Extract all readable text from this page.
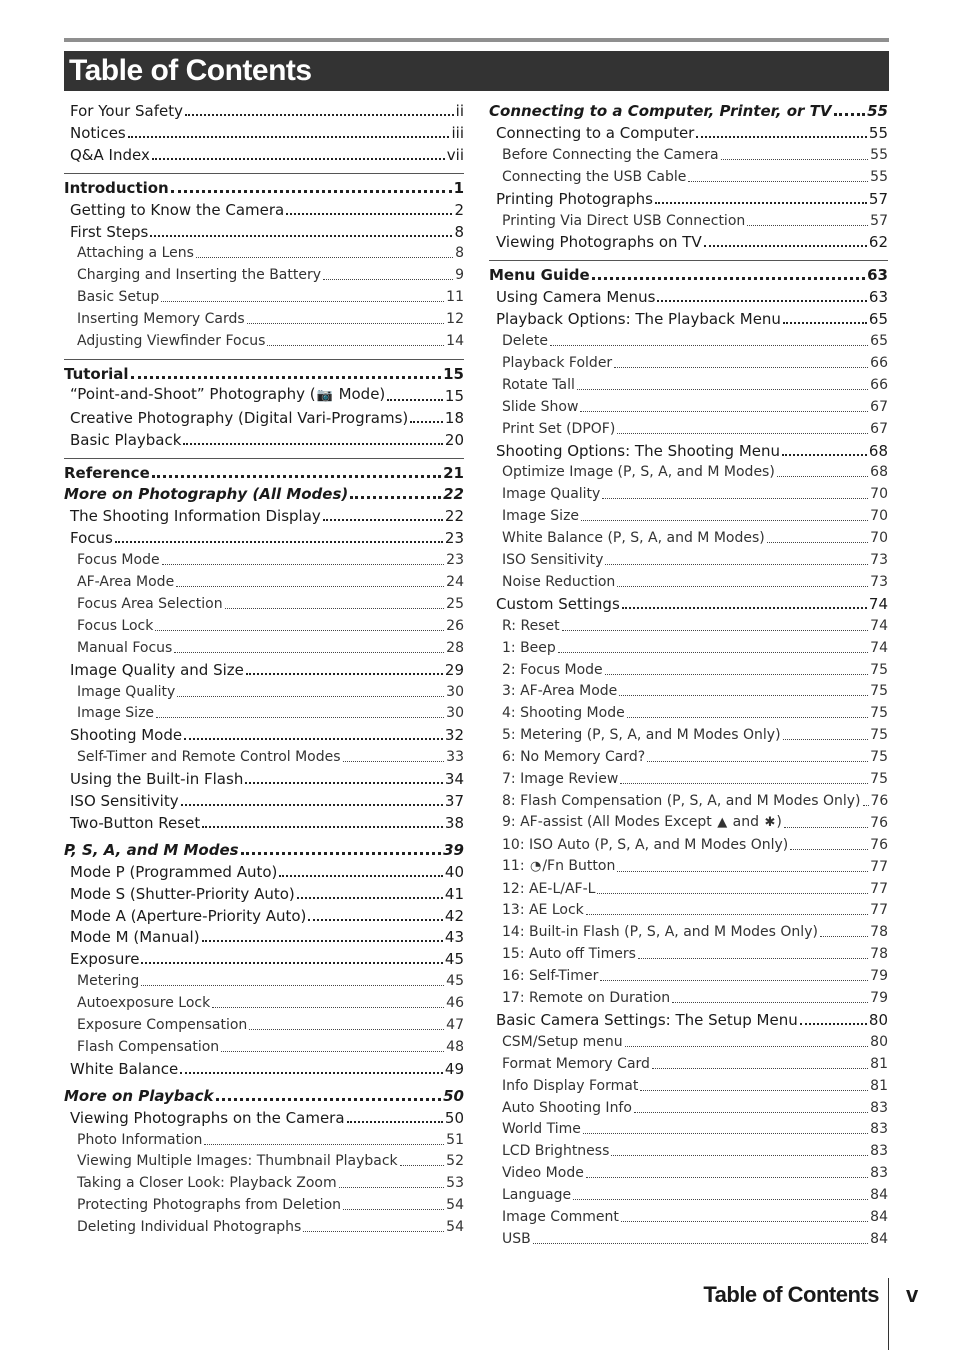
Table of Contents
For Your Safety	ii
Notices	iii
Q&A Index	vii
Introduction	1
Getting to Know the Camera	2
First Steps	8
Attaching a Lens	8
Charging and Inserting the Battery	9
Basic Setup	11
Inserting Memory Cards	12
Adjusting Viewfinder Focus	14
Tutorial	15
“Point-and-Shoot” Photography (📷 Mode)	15
Creative Photography (Digital Vari-Programs) 18
Basic Playback	20
Reference	21
More on Photography (All Modes)	22
The Shooting Information Display	22
Focus	23
Focus Mode	23
AF-Area Mode	24
Focus Area Selection	25
Focus Lock	26
Manual Focus	28
Image Quality and Size	29
Image Quality	30
Image Size	30
Shooting Mode	32
Self-Timer and Remote Control Modes	33
Using the Built-in Flash	34
ISO Sensitivity	37
Two-Button Reset	38
P, S, A, and M Modes	39
Mode P (Programmed Auto)	40
Mode S (Shutter-Priority Auto)	41
Mode A (Aperture-Priority Auto)	42
Mode M (Manual)	43
Exposure	45
Metering	45
Autoexposure Lock	46
Exposure Compensation	47
Flash Compensation	48
White Balance	49
More on Playback	50
Viewing Photographs on the Camera	50
Photo Information	51
Viewing Multiple Images: Thumbnail Playback	52
Taking a Closer Look: Playback Zoom	53
Protecting Photographs from Deletion	54
Deleting Individual Photographs	54
Connecting to a Computer, Printer, or TV 55
Connecting to a Computer	55
Before Connecting the Camera	55
Connecting the USB Cable	55
Printing Photographs	57
Printing Via Direct USB Connection	57
Viewing Photographs on TV	62
Menu Guide	63
Using Camera Menus	63
Playback Options: The Playback Menu	65
Delete	65
Playback Folder	66
Rotate Tall	66
Slide Show	67
Print Set (DPOF)	67
Shooting Options: The Shooting Menu	68
Optimize Image (P, S, A, and M Modes)	68
Image Quality	70
Image Size	70
White Balance (P, S, A, and M Modes)	70
ISO Sensitivity	73
Noise Reduction	73
Custom Settings	74
R: Reset	74
1: Beep	74
2: Focus Mode	75
3: AF-Area Mode	75
4: Shooting Mode	75
5: Metering (P, S, A, and M Modes Only)	75
6: No Memory Card?	75
7: Image Review	75
8: Flash Compensation (P, S, A, and M Modes Only) 76
9: AF-assist (All Modes Except ▲ and ✱)	76
10: ISO Auto (P, S, A, and M Modes Only)	76
11: ◔/Fn Button	77
12: AE-L/AF-L	77
13: AE Lock	77
14: Built-in Flash (P, S, A, and M Modes Only)	78
15: Auto off Timers	78
16: Self-Timer	79
17: Remote on Duration	79
Basic Camera Settings: The Setup Menu	80
CSM/Setup menu	80
Format Memory Card	81
Info Display Format	81
Auto Shooting Info	83
World Time	83
LCD Brightness	83
Video Mode	83
Language	84
Image Comment	84
USB	84
Table of Contents v
